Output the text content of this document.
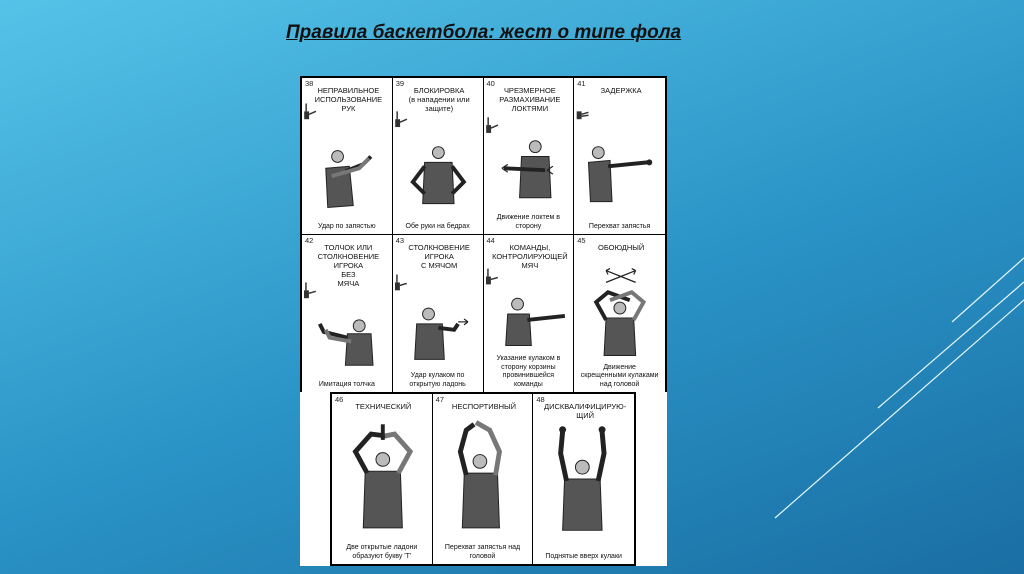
Правила баскетбола: жест о типе фола
38
НЕПРАВИЛЬНОЕ
ИСПОЛЬЗОВАНИЕ
РУК
Удар по запястью
39
БЛОКИРОВКА
(в нападении или
защите)
Обе руки на бедрах
40
ЧРЕЗМЕРНОЕ
РАЗМАХИВАНИЕ
ЛОКТЯМИ
Движение локтем в
сторону
41
ЗАДЕРЖКА
Перехват запястья
42
ТОЛЧОК ИЛИ
СТОЛКНОВЕНИЕ
ИГРОКА
БЕЗ
МЯЧА
Имитация толчка
43
СТОЛКНОВЕНИЕ
ИГРОКА
С МЯЧОМ
Удар кулаком по
открытую ладонь
44
КОМАНДЫ,
КОНТРОЛИРУЮЩЕЙ
МЯЧ
Указание кулаком в
сторону корзины
провинившейся
команды
45
ОБОЮДНЫЙ
Движение
скрещенными кулаками
над головой
46
ТЕХНИЧЕСКИЙ
Две открытые ладони
образуют букву 'T'
47
НЕСПОРТИВНЫЙ
Перехват запястья над
головой
48
ДИСКВАЛИФИЦИРУЮ-
ЩИЙ
Поднятые вверх кулаки
